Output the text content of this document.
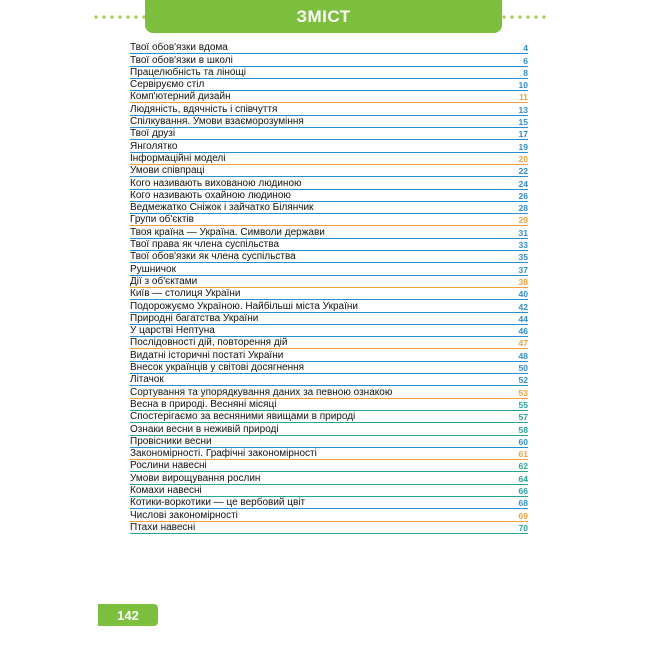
ЗМІСТ
Твої обов'язки вдома	4
Твої обов'язки в школі	6
Працелюбність та лінощі	8
Сервіруємо стіл	10
Комп'ютерний дизайн	11
Людяність, вдячність і співчуття	13
Спілкування. Умови взаєморозуміння	15
Твої друзі	17
Янголятко	19
Інформаційні моделі	20
Умови співпраці	22
Кого називають вихованою людиною	24
Кого називають охайною людиною	26
Ведмежатко Сніжок і зайчатко Білянчик	28
Групи об'єктів	29
Твоя країна — Україна. Символи держави	31
Твої права як члена суспільства	33
Твої обов'язки як члена суспільства	35
Рушничок	37
Дії з об'єктами	38
Київ — столиця України	40
Подорожуємо Україною. Найбільші міста України	42
Природні багатства України	44
У царстві Нептуна	46
Послідовності дій, повторення дій	47
Видатні історичні постаті України	48
Внесок українців у світові досягнення	50
Літачок	52
Сортування та упорядкування даних за певною ознакою	53
Весна в природі. Весняні місяці	55
Спостерігаємо за весняними явищами в природі	57
Ознаки весни в неживій природі	58
Провісники весни	60
Закономірності. Графічні закономірності	61
Рослини навесні	62
Умови вирощування рослин	64
Комахи навесні	66
Котики-воркотики — це вербовий цвіт	68
Числові закономірності	69
Птахи навесні	70
142
